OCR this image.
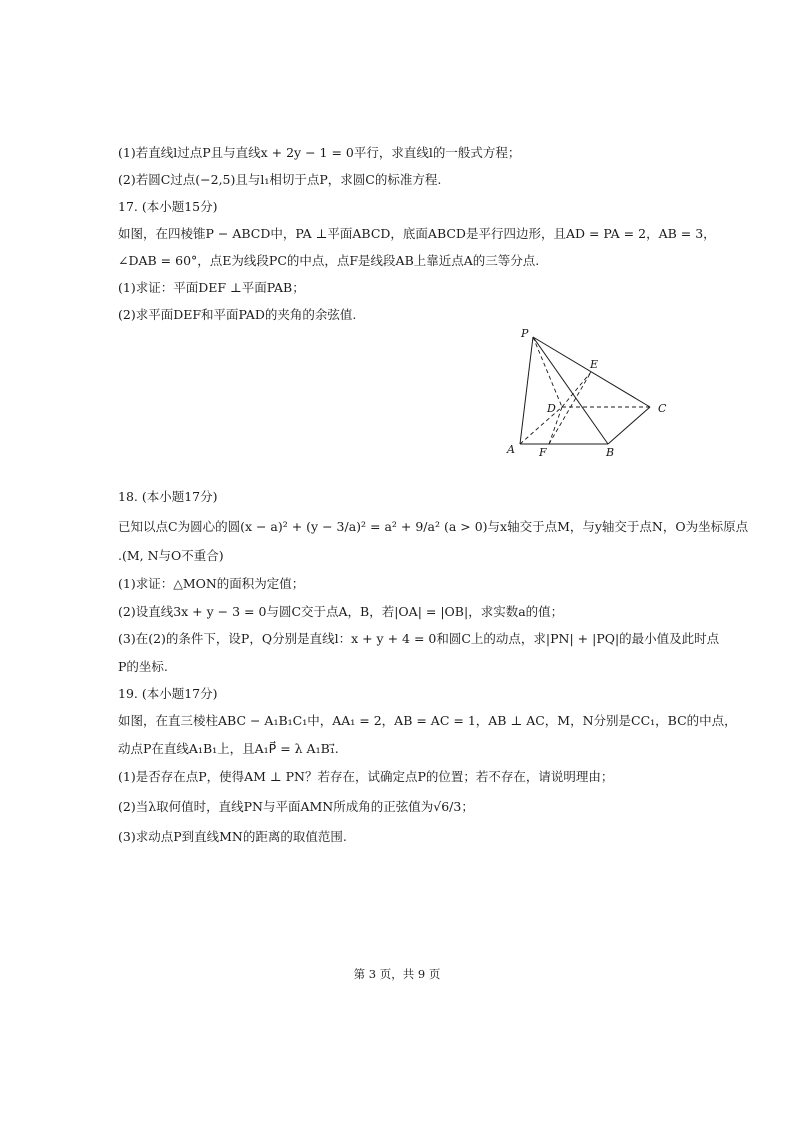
(1)若直线l过点P且与直线x + 2y − 1 = 0平行，求直线l的一般式方程；
(2)若圆C过点(−2,5)且与l₁相切于点P，求圆C的标准方程.
17. (本小题15分)
如图，在四棱锥P − ABCD中，PA ⊥平面ABCD，底面ABCD是平行四边形，且AD = PA = 2，AB = 3，
∠DAB = 60°，点E为线段PC的中点，点F是线段AB上靠近点A的三等分点.
(1)求证：平面DEF ⊥平面PAB；
(2)求平面DEF和平面PAD的夹角的余弦值.
P
E
D	C
A F	B
18. (本小题17分)
已知以点C为圆心的圆(x − a)² + (y − 3/a)² = a² + 9/a² (a > 0)与x轴交于点M，与y轴交于点N，O为坐标原点
.(M, N与O不重合)
(1)求证：△MON的面积为定值；
(2)设直线3x + y − 3 = 0与圆C交于点A，B，若|OA| = |OB|，求实数a的值；
(3)在(2)的条件下，设P，Q分别是直线l：x + y + 4 = 0和圆C上的动点，求|PN| + |PQ|的最小值及此时点
P的坐标.
19. (本小题17分)
如图，在直三棱柱ABC − A₁B₁C₁中，AA₁ = 2，AB = AC = 1，AB ⊥ AC，M，N分别是CC₁，BC的中点，
动点P在直线A₁B₁上，且A₁P⃗ = λ A₁B₁⃗.
(1)是否存在点P，使得AM ⊥ PN？若存在，试确定点P的位置；若不存在，请说明理由；
(2)当λ取何值时，直线PN与平面AMN所成角的正弦值为√6/3；
(3)求动点P到直线MN的距离的取值范围.
第 3 页，共 9 页
